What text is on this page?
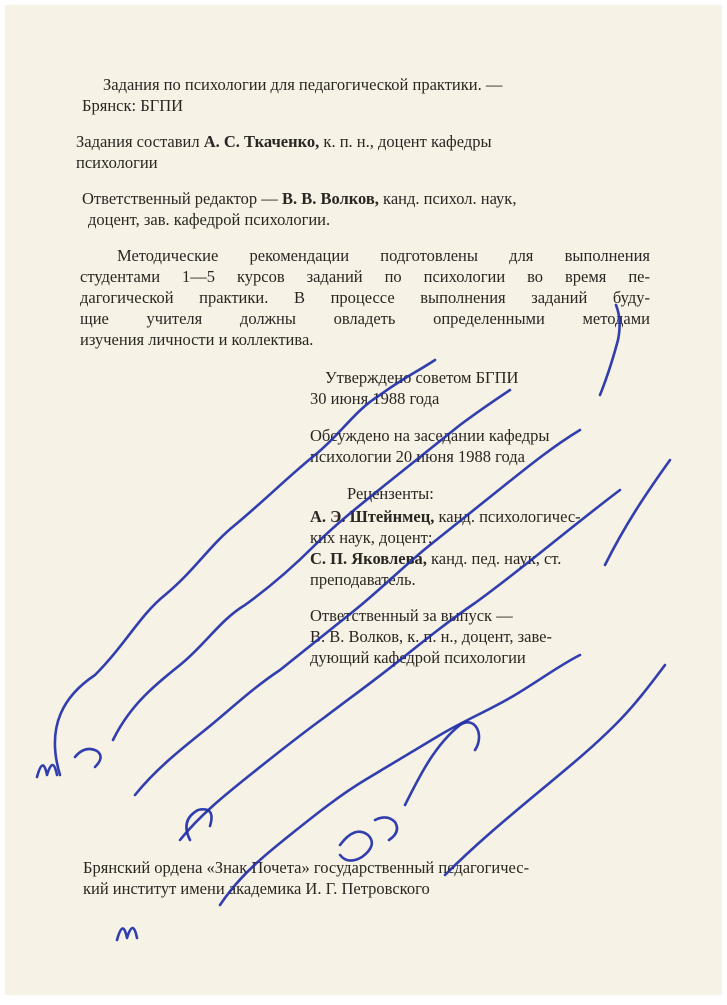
Задания по психологии для педагогической практики. —
Брянск: БГПИ
Задания составил А. С. Ткаченко, к. п. н., доцент кафедры
психологии
Ответственный редактор — В. В. Волков, канд. психол. наук,
доцент, зав. кафедрой психологии.
Методические рекомендации подготовлены для выполнения
студентами 1—5 курсов заданий по психологии во время пе-
дагогической практики. В процессе выполнения заданий буду-
щие учителя должны овладеть определенными методами
изучения личности и коллектива.
Утверждено советом БГПИ
30 июня 1988 года
Обсуждено на заседании кафедры
психологии 20 июня 1988 года
Рецензенты:
А. Э. Штейнмец, канд. психологичес-
ких наук, доцент;
С. П. Яковлева, канд. пед. наук, ст.
преподаватель.
Ответственный за выпуск —
В. В. Волков, к. п. н., доцент, заве-
дующий кафедрой психологии
Брянский ордена «Знак Почета» государственный педагогичес-
кий институт имени академика И. Г. Петровского
